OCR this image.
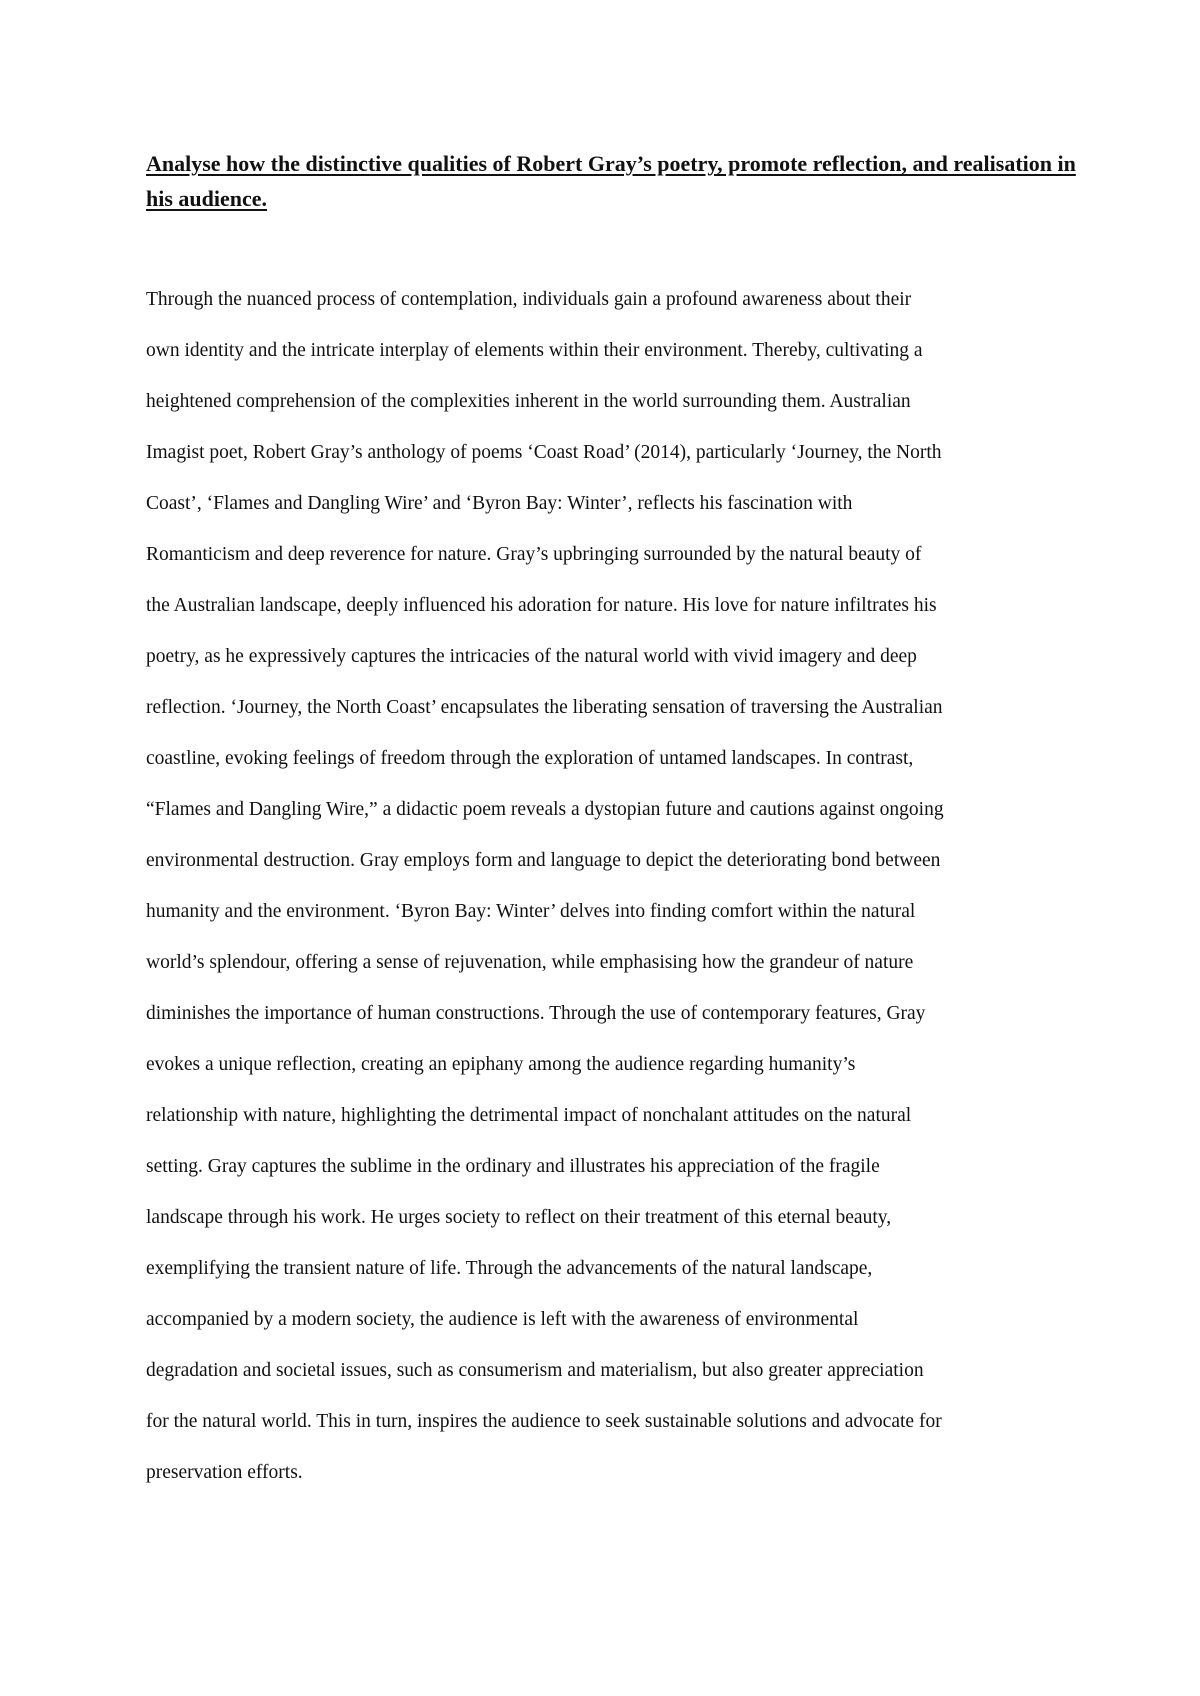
Analyse how the distinctive qualities of Robert Gray’s poetry, promote reflection, and realisation in his audience.
Through the nuanced process of contemplation, individuals gain a profound awareness about their
own identity and the intricate interplay of elements within their environment. Thereby, cultivating a
heightened comprehension of the complexities inherent in the world surrounding them. Australian
Imagist poet, Robert Gray’s anthology of poems ‘Coast Road’ (2014), particularly ‘Journey, the North
Coast’, ‘Flames and Dangling Wire’ and ‘Byron Bay: Winter’, reflects his fascination with
Romanticism and deep reverence for nature. Gray’s upbringing surrounded by the natural beauty of
the Australian landscape, deeply influenced his adoration for nature. His love for nature infiltrates his
poetry, as he expressively captures the intricacies of the natural world with vivid imagery and deep
reflection. ‘Journey, the North Coast’ encapsulates the liberating sensation of traversing the Australian
coastline, evoking feelings of freedom through the exploration of untamed landscapes. In contrast,
“Flames and Dangling Wire,” a didactic poem reveals a dystopian future and cautions against ongoing
environmental destruction. Gray employs form and language to depict the deteriorating bond between
humanity and the environment. ‘Byron Bay: Winter’ delves into finding comfort within the natural
world’s splendour, offering a sense of rejuvenation, while emphasising how the grandeur of nature
diminishes the importance of human constructions. Through the use of contemporary features, Gray
evokes a unique reflection, creating an epiphany among the audience regarding humanity’s
relationship with nature, highlighting the detrimental impact of nonchalant attitudes on the natural
setting. Gray captures the sublime in the ordinary and illustrates his appreciation of the fragile
landscape through his work. He urges society to reflect on their treatment of this eternal beauty,
exemplifying the transient nature of life. Through the advancements of the natural landscape,
accompanied by a modern society, the audience is left with the awareness of environmental
degradation and societal issues, such as consumerism and materialism, but also greater appreciation
for the natural world. This in turn, inspires the audience to seek sustainable solutions and advocate for
preservation efforts.
